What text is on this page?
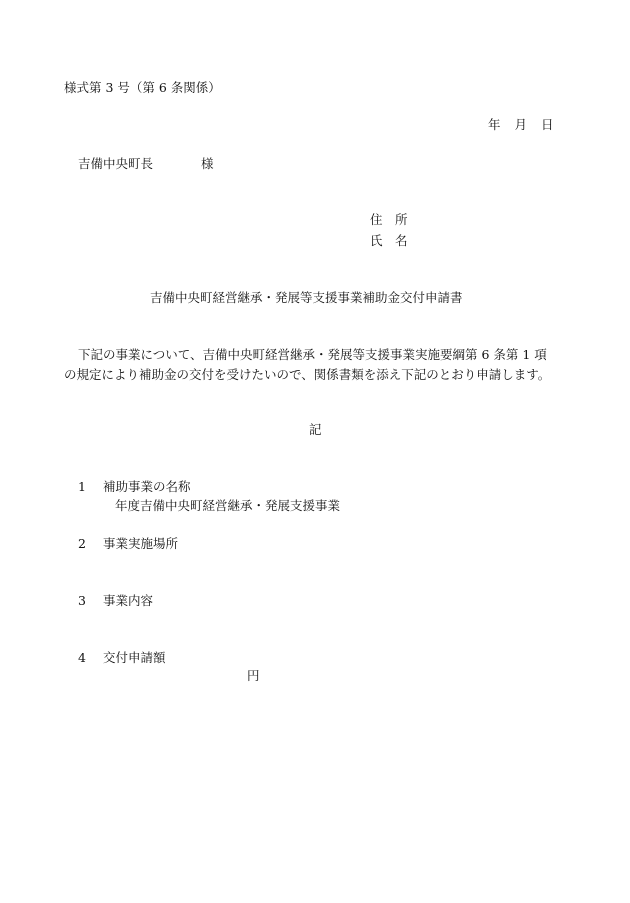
様式第 3 号（第 6 条関係）
年 月 日
吉備中央町長	様
住　所
氏　名
吉備中央町経営継承・発展等支援事業補助金交付申請書
下記の事業について、吉備中央町経営継承・発展等支援事業実施要綱第 6 条第 1 項
の規定により補助金の交付を受けたいので、関係書類を添え下記のとおり申請します。
記
1 補助事業の名称
年度吉備中央町経営継承・発展支援事業
2 事業実施場所
3 事業内容
4 交付申請額
円
